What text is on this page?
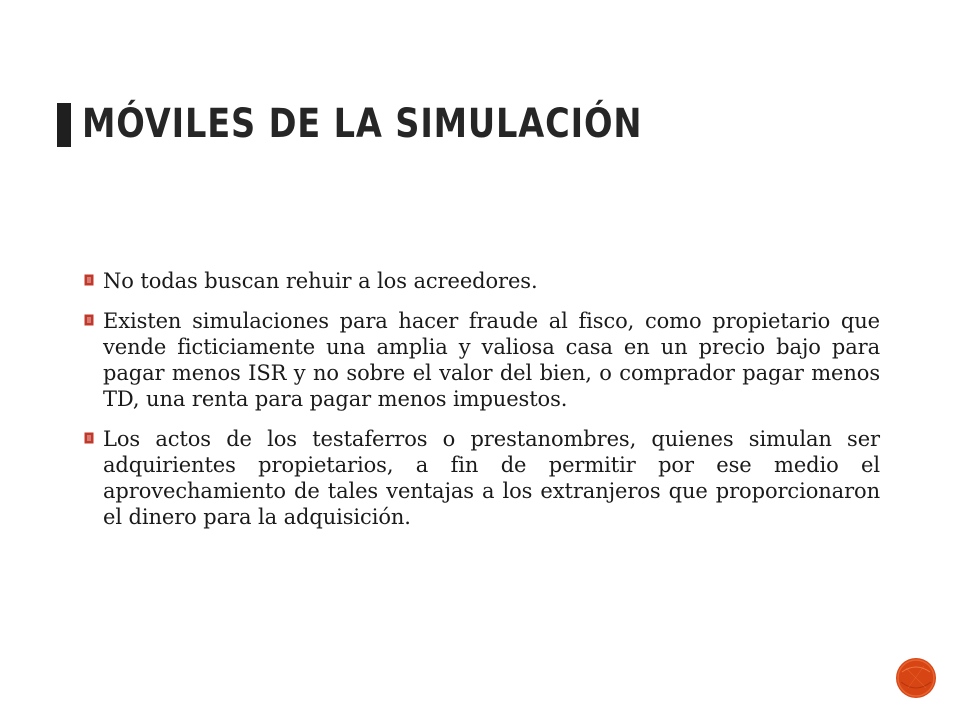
MÓVILES DE LA SIMULACIÓN
No todas buscan rehuir a los acreedores.
Existen simulaciones para hacer fraude al fisco, como propietario que vende ficticiamente una amplia y valiosa casa en un precio bajo para pagar menos ISR y no sobre el valor del bien, o comprador pagar menos TD, una renta para pagar menos impuestos.
Los actos de los testaferros o prestanombres, quienes simulan ser adquirientes propietarios, a fin de permitir por ese medio el aprovechamiento de tales ventajas a los extranjeros que proporcionaron el dinero para la adquisición.
